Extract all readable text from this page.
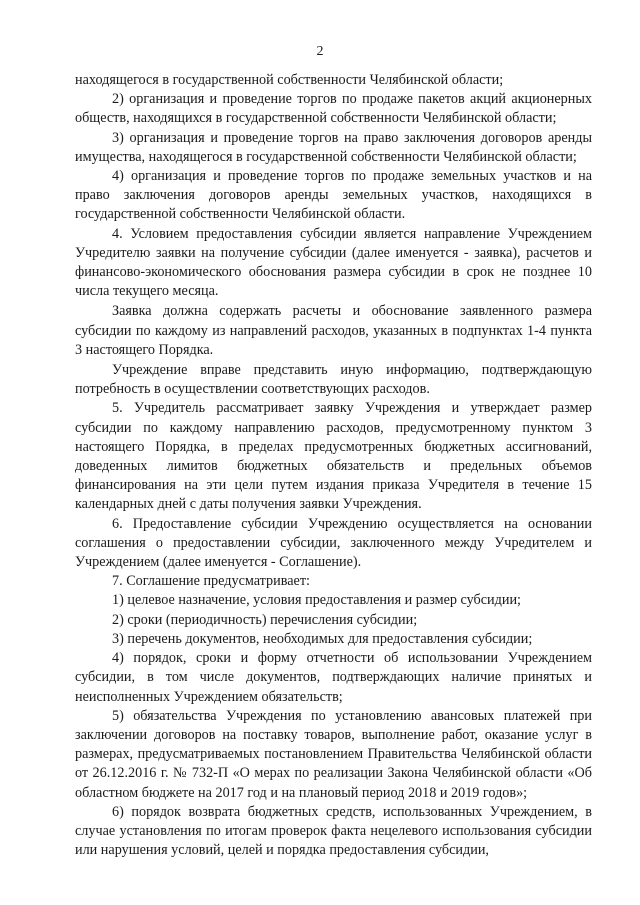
2

находящегося в государственной собственности Челябинской области;

2) организация и проведение торгов по продаже пакетов акций акционерных обществ, находящихся в государственной собственности Челябинской области;

3) организация и проведение торгов на право заключения договоров аренды имущества, находящегося в государственной собственности Челябинской области;

4) организация и проведение торгов по продаже земельных участков и на право заключения договоров аренды земельных участков, находящихся в государственной собственности Челябинской области.

4. Условием предоставления субсидии является направление Учреждением Учредителю заявки на получение субсидии (далее именуется - заявка), расчетов и финансово-экономического обоснования размера субсидии в срок не позднее 10 числа текущего месяца.

Заявка должна содержать расчеты и обоснование заявленного размера субсидии по каждому из направлений расходов, указанных в подпунктах 1-4 пункта 3 настоящего Порядка.

Учреждение вправе представить иную информацию, подтверждающую потребность в осуществлении соответствующих расходов.

5. Учредитель рассматривает заявку Учреждения и утверждает размер субсидии по каждому направлению расходов, предусмотренному пунктом 3 настоящего Порядка, в пределах предусмотренных бюджетных ассигнований, доведенных лимитов бюджетных обязательств и предельных объемов финансирования на эти цели путем издания приказа Учредителя в течение 15 календарных дней с даты получения заявки Учреждения.

6. Предоставление субсидии Учреждению осуществляется на основании соглашения о предоставлении субсидии, заключенного между Учредителем и Учреждением (далее именуется - Соглашение).

7. Соглашение предусматривает:

1) целевое назначение, условия предоставления и размер субсидии;

2) сроки (периодичность) перечисления субсидии;

3) перечень документов, необходимых для предоставления субсидии;

4) порядок, сроки и форму отчетности об использовании Учреждением субсидии, в том числе документов, подтверждающих наличие принятых и неисполненных Учреждением обязательств;

5) обязательства Учреждения по установлению авансовых платежей при заключении договоров на поставку товаров, выполнение работ, оказание услуг в размерах, предусматриваемых постановлением Правительства Челябинской области от 26.12.2016 г. № 732-П «О мерах по реализации Закона Челябинской области «Об областном бюджете на 2017 год и на плановый период 2018 и 2019 годов»;

6) порядок возврата бюджетных средств, использованных Учреждением, в случае установления по итогам проверок факта нецелевого использования субсидии или нарушения условий, целей и порядка предоставления субсидии,
